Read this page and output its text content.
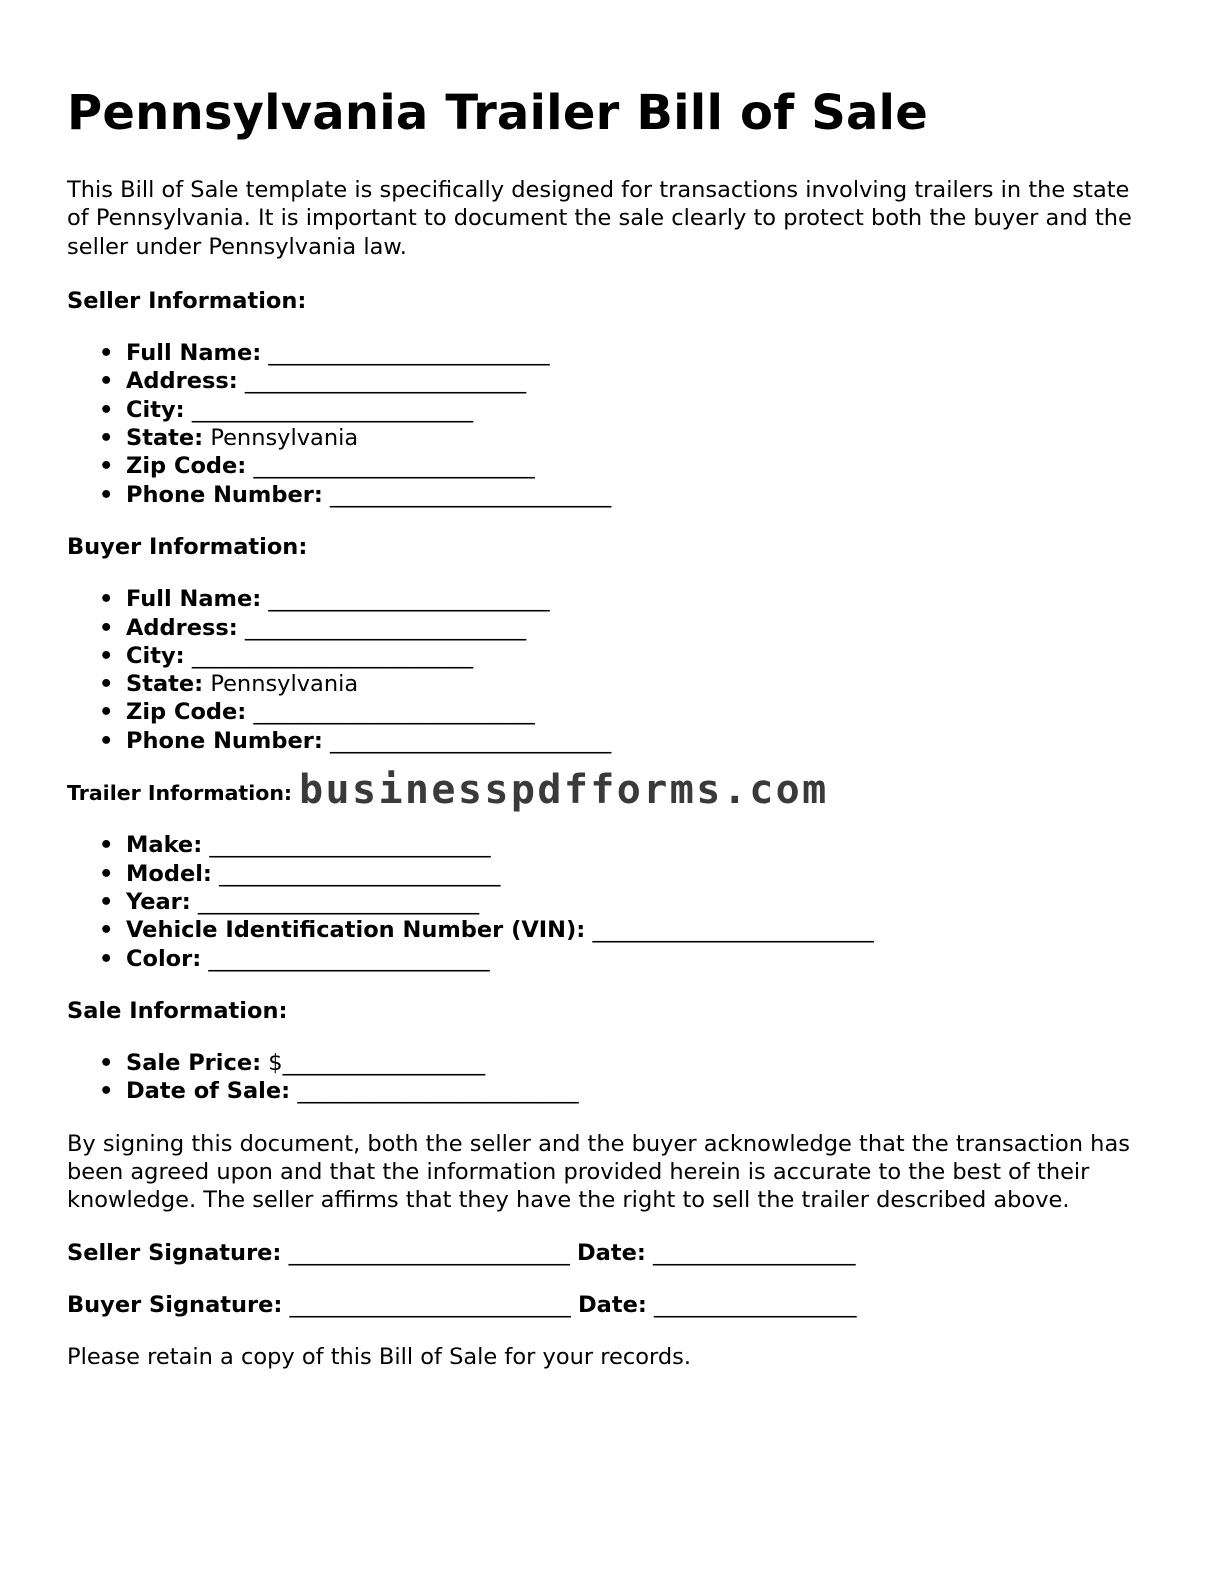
Pennsylvania Trailer Bill of Sale

This Bill of Sale template is specifically designed for transactions involving trailers in the state of Pennsylvania. It is important to document the sale clearly to protect both the buyer and the seller under Pennsylvania law.

Seller Information:
• Full Name: _________________________
• Address: _________________________
• City: _________________________
• State: Pennsylvania
• Zip Code: _________________________
• Phone Number: _________________________
Buyer Information:
• Full Name: _________________________
• Address: _________________________
• City: _________________________
• State: Pennsylvania
• Zip Code: _________________________
• Phone Number: _________________________
Trailer Information: businesspdfforms.com
• Make: _________________________
• Model: _________________________
• Year: _________________________
• Vehicle Identification Number (VIN): _________________________
• Color: _________________________
Sale Information:
• Sale Price: $__________________
• Date of Sale: _________________________

By signing this document, both the seller and the buyer acknowledge that the transaction has been agreed upon and that the information provided herein is accurate to the best of their knowledge. The seller affirms that they have the right to sell the trailer described above.

Seller Signature: _________________________ Date: __________________
Buyer Signature: _________________________ Date: __________________

Please retain a copy of this Bill of Sale for your records.
